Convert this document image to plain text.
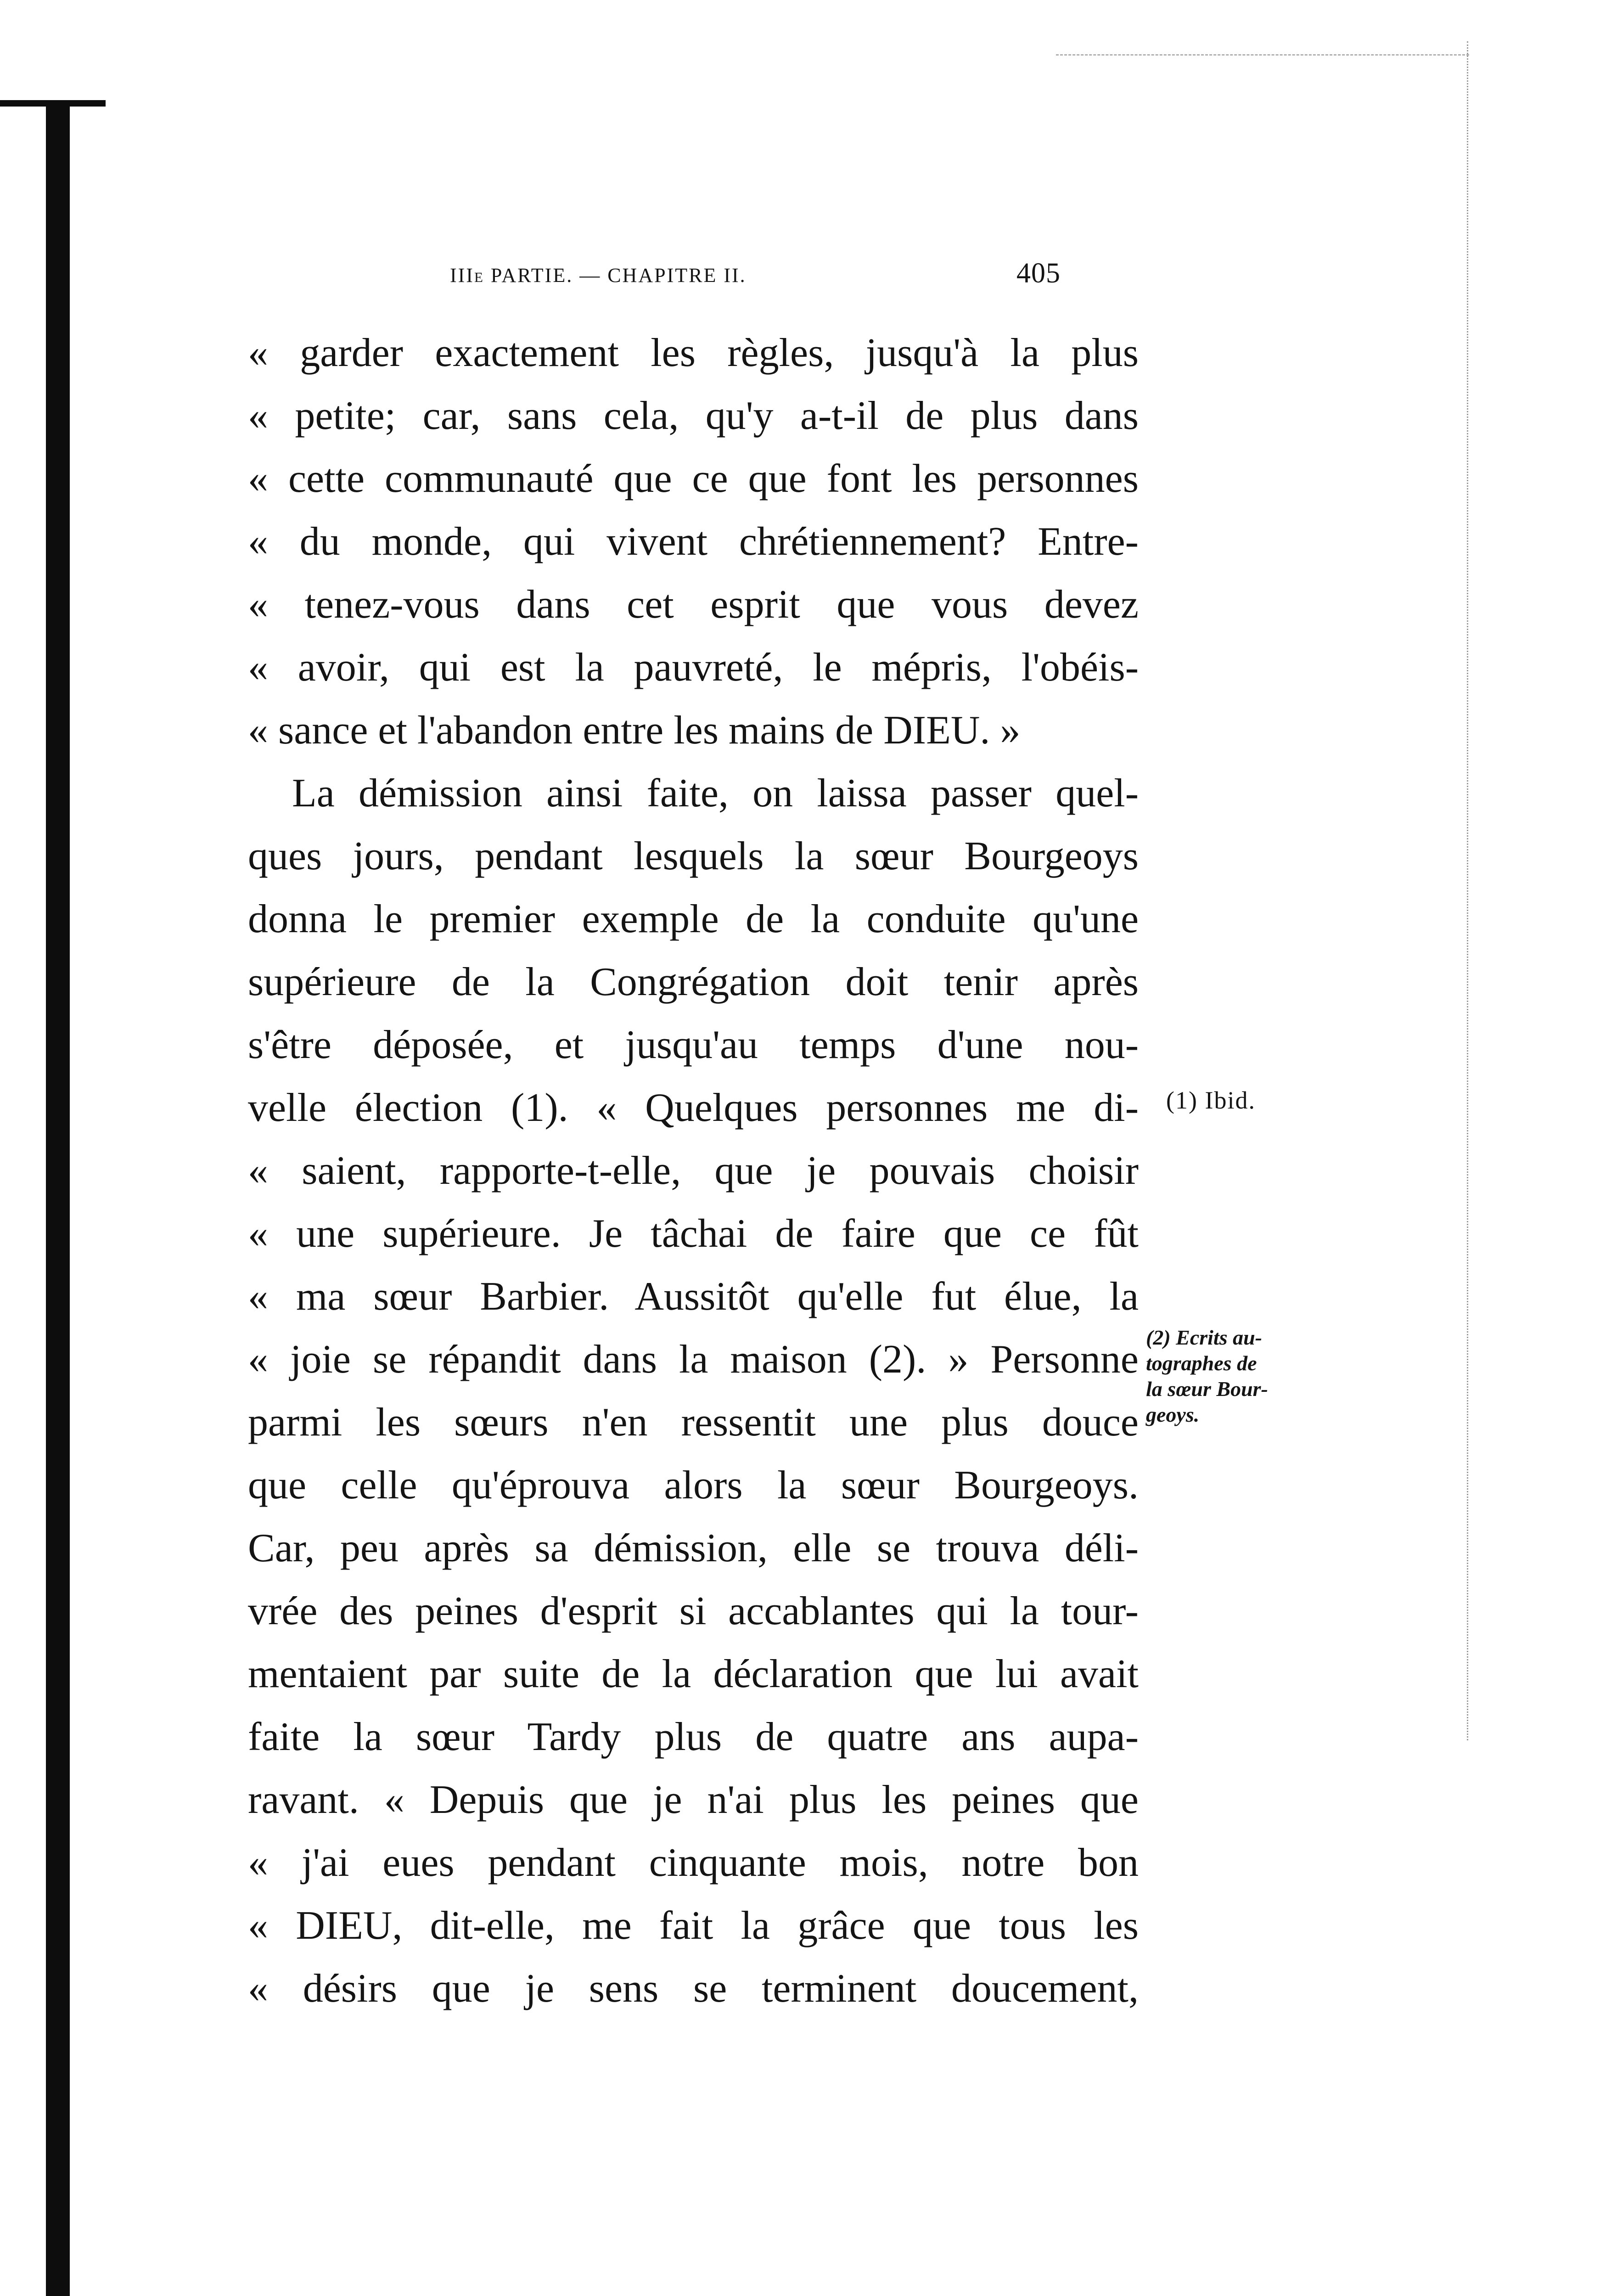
IIIe PARTIE. — CHAPITRE II.	405
« garder exactement les règles, jusqu'à la plus
« petite; car, sans cela, qu'y a-t-il de plus dans
« cette communauté que ce que font les personnes
« du monde, qui vivent chrétiennement? Entre-
« tenez-vous dans cet esprit que vous devez
« avoir, qui est la pauvreté, le mépris, l'obéis-
« sance et l'abandon entre les mains de DIEU. »
La démission ainsi faite, on laissa passer quel-
ques jours, pendant lesquels la sœur Bourgeoys
donna le premier exemple de la conduite qu'une
supérieure de la Congrégation doit tenir après
s'être déposée, et jusqu'au temps d'une nou-
velle élection (1). « Quelques personnes me di-
« saient, rapporte-t-elle, que je pouvais choisir
« une supérieure. Je tâchai de faire que ce fût
« ma sœur Barbier. Aussitôt qu'elle fut élue, la
« joie se répandit dans la maison (2). » Personne
parmi les sœurs n'en ressentit une plus douce
que celle qu'éprouva alors la sœur Bourgeoys.
Car, peu après sa démission, elle se trouva déli-
vrée des peines d'esprit si accablantes qui la tour-
mentaient par suite de la déclaration que lui avait
faite la sœur Tardy plus de quatre ans aupa-
ravant. « Depuis que je n'ai plus les peines que
« j'ai eues pendant cinquante mois, notre bon
« DIEU, dit-elle, me fait la grâce que tous les
« désirs que je sens se terminent doucement,
(1) Ibid.
(2) Ecrits au-
tographes de
la sœur Bour-
geoys.
